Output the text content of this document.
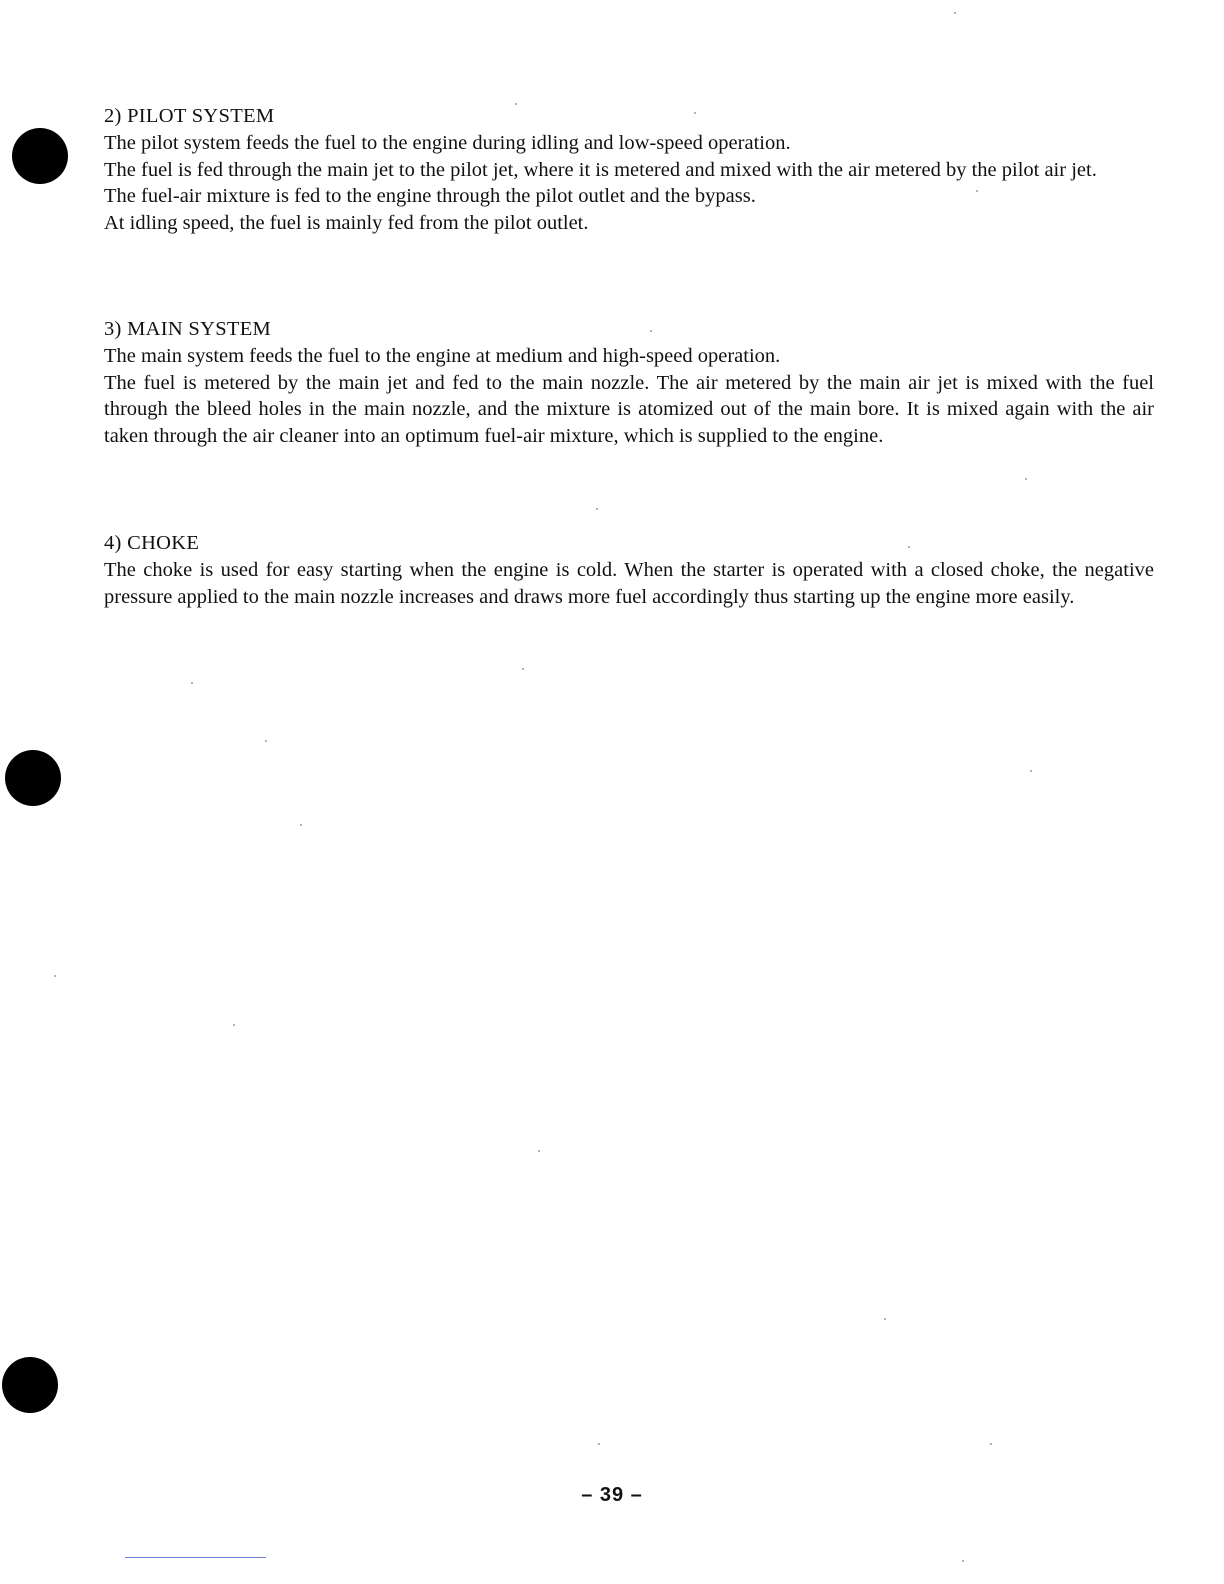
2) PILOT SYSTEM

The pilot system feeds the fuel to the engine during idling and low-speed operation.

The fuel is fed through the main jet to the pilot jet, where it is metered and mixed with the air metered by the pilot air jet.

The fuel-air mixture is fed to the engine through the pilot outlet and the bypass.

At idling speed, the fuel is mainly fed from the pilot outlet.

3) MAIN SYSTEM

The main system feeds the fuel to the engine at medium and high-speed operation.

The fuel is metered by the main jet and fed to the main nozzle. The air metered by the main air jet is mixed with the fuel through the bleed holes in the main nozzle, and the mixture is atomized out of the main bore. It is mixed again with the air taken through the air cleaner into an optimum fuel-air mixture, which is supplied to the engine.

4) CHOKE

The choke is used for easy starting when the engine is cold. When the starter is operated with a closed choke, the negative pressure applied to the main nozzle increases and draws more fuel accordingly thus starting up the engine more easily.

– 39 –
